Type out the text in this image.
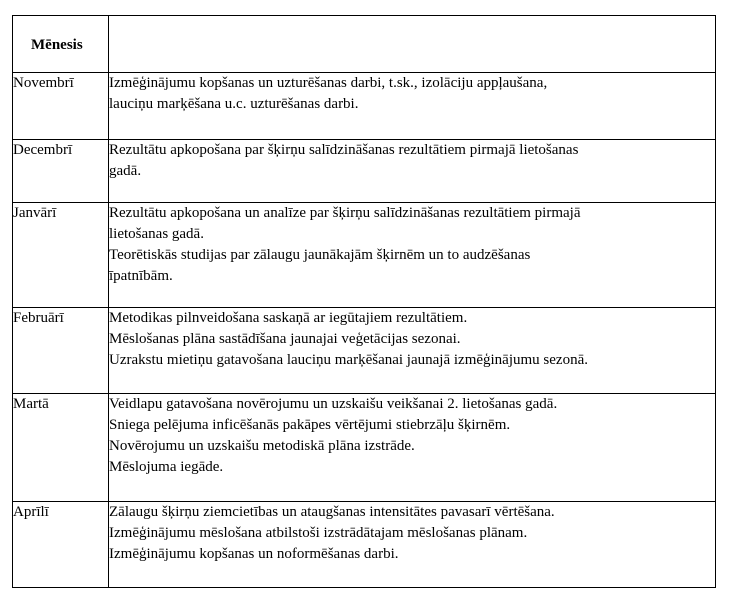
Mēnesis	
Novembrī	Izmēģinājumu kopšanas un uzturēšanas darbi, t.sk., izolāciju appļaušana,
lauciņu marķēšana u.c. uzturēšanas darbi.

Decembrī	Rezultātu apkopošana par šķirņu salīdzināšanas rezultātiem pirmajā lietošanas
gadā.

Janvārī	Rezultātu apkopošana un analīze par šķirņu salīdzināšanas rezultātiem pirmajā
lietošanas gadā.
Teorētiskās studijas par zālaugu jaunākajām šķirnēm un to audzēšanas
īpatnībām.

Februārī	Metodikas pilnveidošana saskaņā ar iegūtajiem rezultātiem.
Mēslošanas plāna sastādīšana jaunajai veģetācijas sezonai.
Uzrakstu mietiņu gatavošana lauciņu marķēšanai jaunajā izmēģinājumu sezonā.

Martā	Veidlapu gatavošana novērojumu un uzskaišu veikšanai 2. lietošanas gadā.
Sniega pelējuma inficēšanās pakāpes vērtējumi stiebrzāļu šķirnēm.
Novērojumu un uzskaišu metodiskā plāna izstrāde.
Mēslojuma iegāde.

Aprīlī	Zālaugu šķirņu ziemcietības un ataugšanas intensitātes pavasarī vērtēšana.
Izmēģinājumu mēslošana atbilstoši izstrādātajam mēslošanas plānam.
Izmēģinājumu kopšanas un noformēšanas darbi.
